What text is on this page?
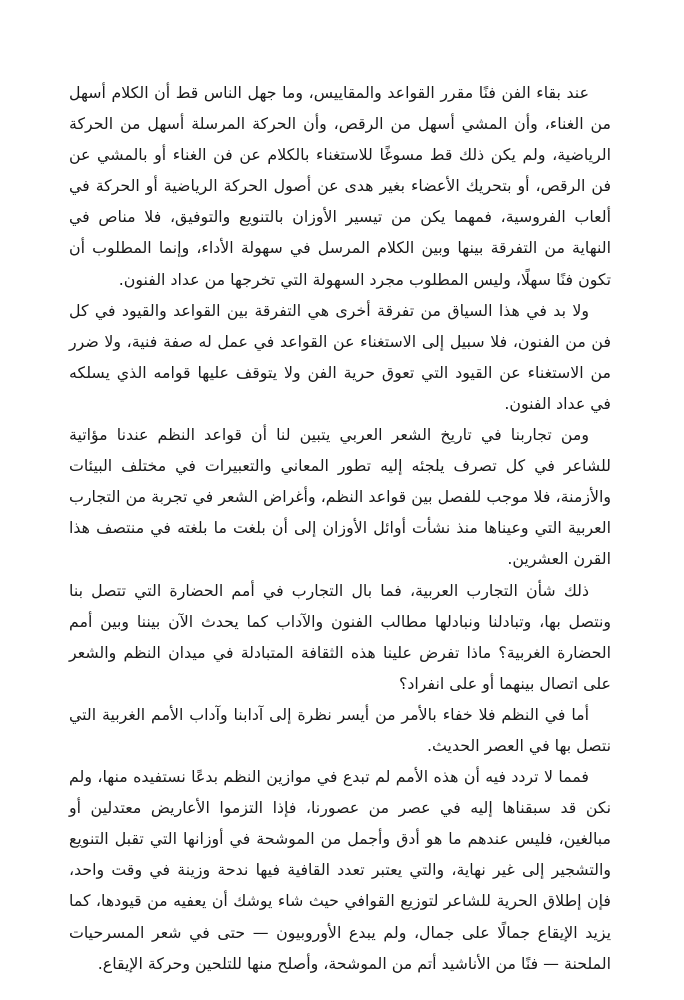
عند بقاء الفن فنًا مقرر القواعد والمقاييس، وما جهل الناس قط أن الكلام أسهل من الغناء، وأن المشي أسهل من الرقص، وأن الحركة المرسلة أسهل من الحركة الرياضية، ولم يكن ذلك قط مسوغًا للاستغناء بالكلام عن فن الغناء أو بالمشي عن فن الرقص، أو بتحريك الأعضاء بغير هدى عن أصول الحركة الرياضية أو الحركة في ألعاب الفروسية، فمهما يكن من تيسير الأوزان بالتنويع والتوفيق، فلا مناص في النهاية من التفرقة بينها وبين الكلام المرسل في سهولة الأداء، وإنما المطلوب أن تكون فنًا سهلًا، وليس المطلوب مجرد السهولة التي تخرجها من عداد الفنون.

ولا بد في هذا السياق من تفرقة أخرى هي التفرقة بين القواعد والقيود في كل فن من الفنون، فلا سبيل إلى الاستغناء عن القواعد في عمل له صفة فنية، ولا ضرر من الاستغناء عن القيود التي تعوق حرية الفن ولا يتوقف عليها قوامه الذي يسلكه في عداد الفنون.

ومن تجاربنا في تاريخ الشعر العربي يتبين لنا أن قواعد النظم عندنا مؤاتية للشاعر في كل تصرف يلجئه إليه تطور المعاني والتعبيرات في مختلف البيئات والأزمنة، فلا موجب للفصل بين قواعد النظم، وأغراض الشعر في تجربة من التجارب العربية التي وعيناها منذ نشأت أوائل الأوزان إلى أن بلغت ما بلغته في منتصف هذا القرن العشرين.

ذلك شأن التجارب العربية، فما بال التجارب في أمم الحضارة التي تتصل بنا ونتصل بها، وتبادلنا ونبادلها مطالب الفنون والآداب كما يحدث الآن بيننا وبين أمم الحضارة الغربية؟ ماذا تفرض علينا هذه الثقافة المتبادلة في ميدان النظم والشعر على اتصال بينهما أو على انفراد؟

أما في النظم فلا خفاء بالأمر من أيسر نظرة إلى آدابنا وآداب الأمم الغربية التي نتصل بها في العصر الحديث.

فمما لا تردد فيه أن هذه الأمم لم تبدع في موازين النظم بدعًا نستفيده منها، ولم نكن قد سبقناها إليه في عصر من عصورنا، فإذا التزموا الأعاريض معتدلين أو مبالغين، فليس عندهم ما هو أدق وأجمل من الموشحة في أوزانها التي تقبل التنويع والتشجير إلى غير نهاية، والتي يعتبر تعدد القافية فيها ندحة وزينة في وقت واحد، فإن إطلاق الحرية للشاعر لتوزيع القوافي حيث شاء يوشك أن يعفيه من قيودها، كما يزيد الإيقاع جمالًا على جمال، ولم يبدع الأوروبيون — حتى في شعر المسرحيات الملحنة — فنًا من الأناشيد أتم من الموشحة، وأصلح منها للتلحين وحركة الإيقاع.
